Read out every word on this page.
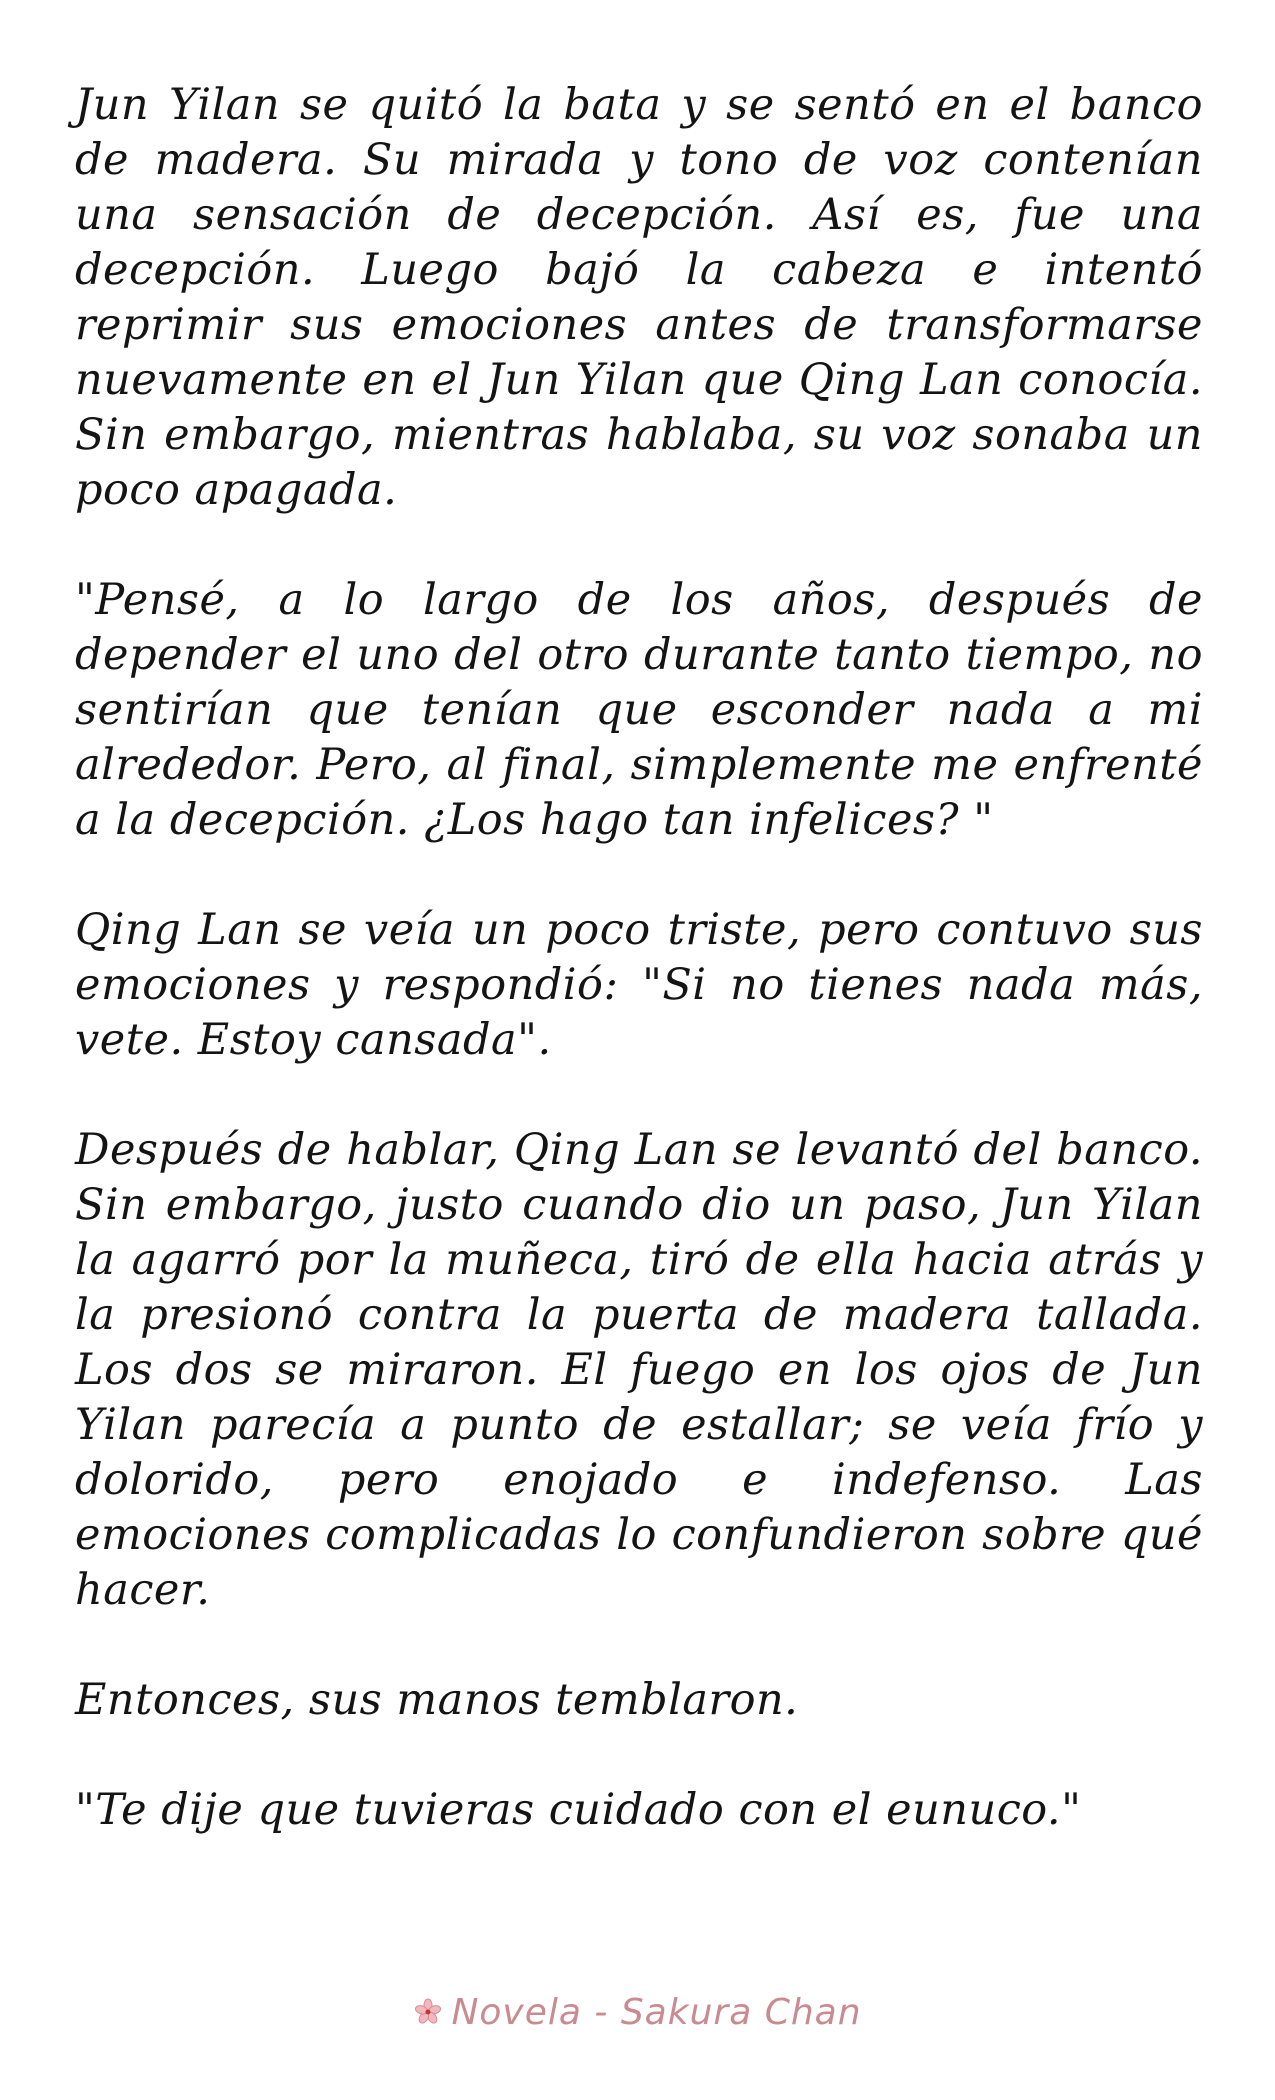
Jun Yilan se quitó la bata y se sentó en el banco de madera. Su mirada y tono de voz contenían una sensación de decepción. Así es, fue una decepción. Luego bajó la cabeza e intentó reprimir sus emociones antes de transformarse nuevamente en el Jun Yilan que Qing Lan conocía. Sin embargo, mientras hablaba, su voz sonaba un poco apagada.

"Pensé, a lo largo de los años, después de depender el uno del otro durante tanto tiempo, no sentirían que tenían que esconder nada a mi alrededor. Pero, al final, simplemente me enfrenté a la decepción. ¿Los hago tan infelices? "

Qing Lan se veía un poco triste, pero contuvo sus emociones y respondió: "Si no tienes nada más, vete. Estoy cansada".

Después de hablar, Qing Lan se levantó del banco. Sin embargo, justo cuando dio un paso, Jun Yilan la agarró por la muñeca, tiró de ella hacia atrás y la presionó contra la puerta de madera tallada. Los dos se miraron. El fuego en los ojos de Jun Yilan parecía a punto de estallar; se veía frío y dolorido, pero enojado e indefenso. Las emociones complicadas lo confundieron sobre qué hacer.

Entonces, sus manos temblaron.

"Te dije que tuvieras cuidado con el eunuco."

Novela - Sakura Chan
